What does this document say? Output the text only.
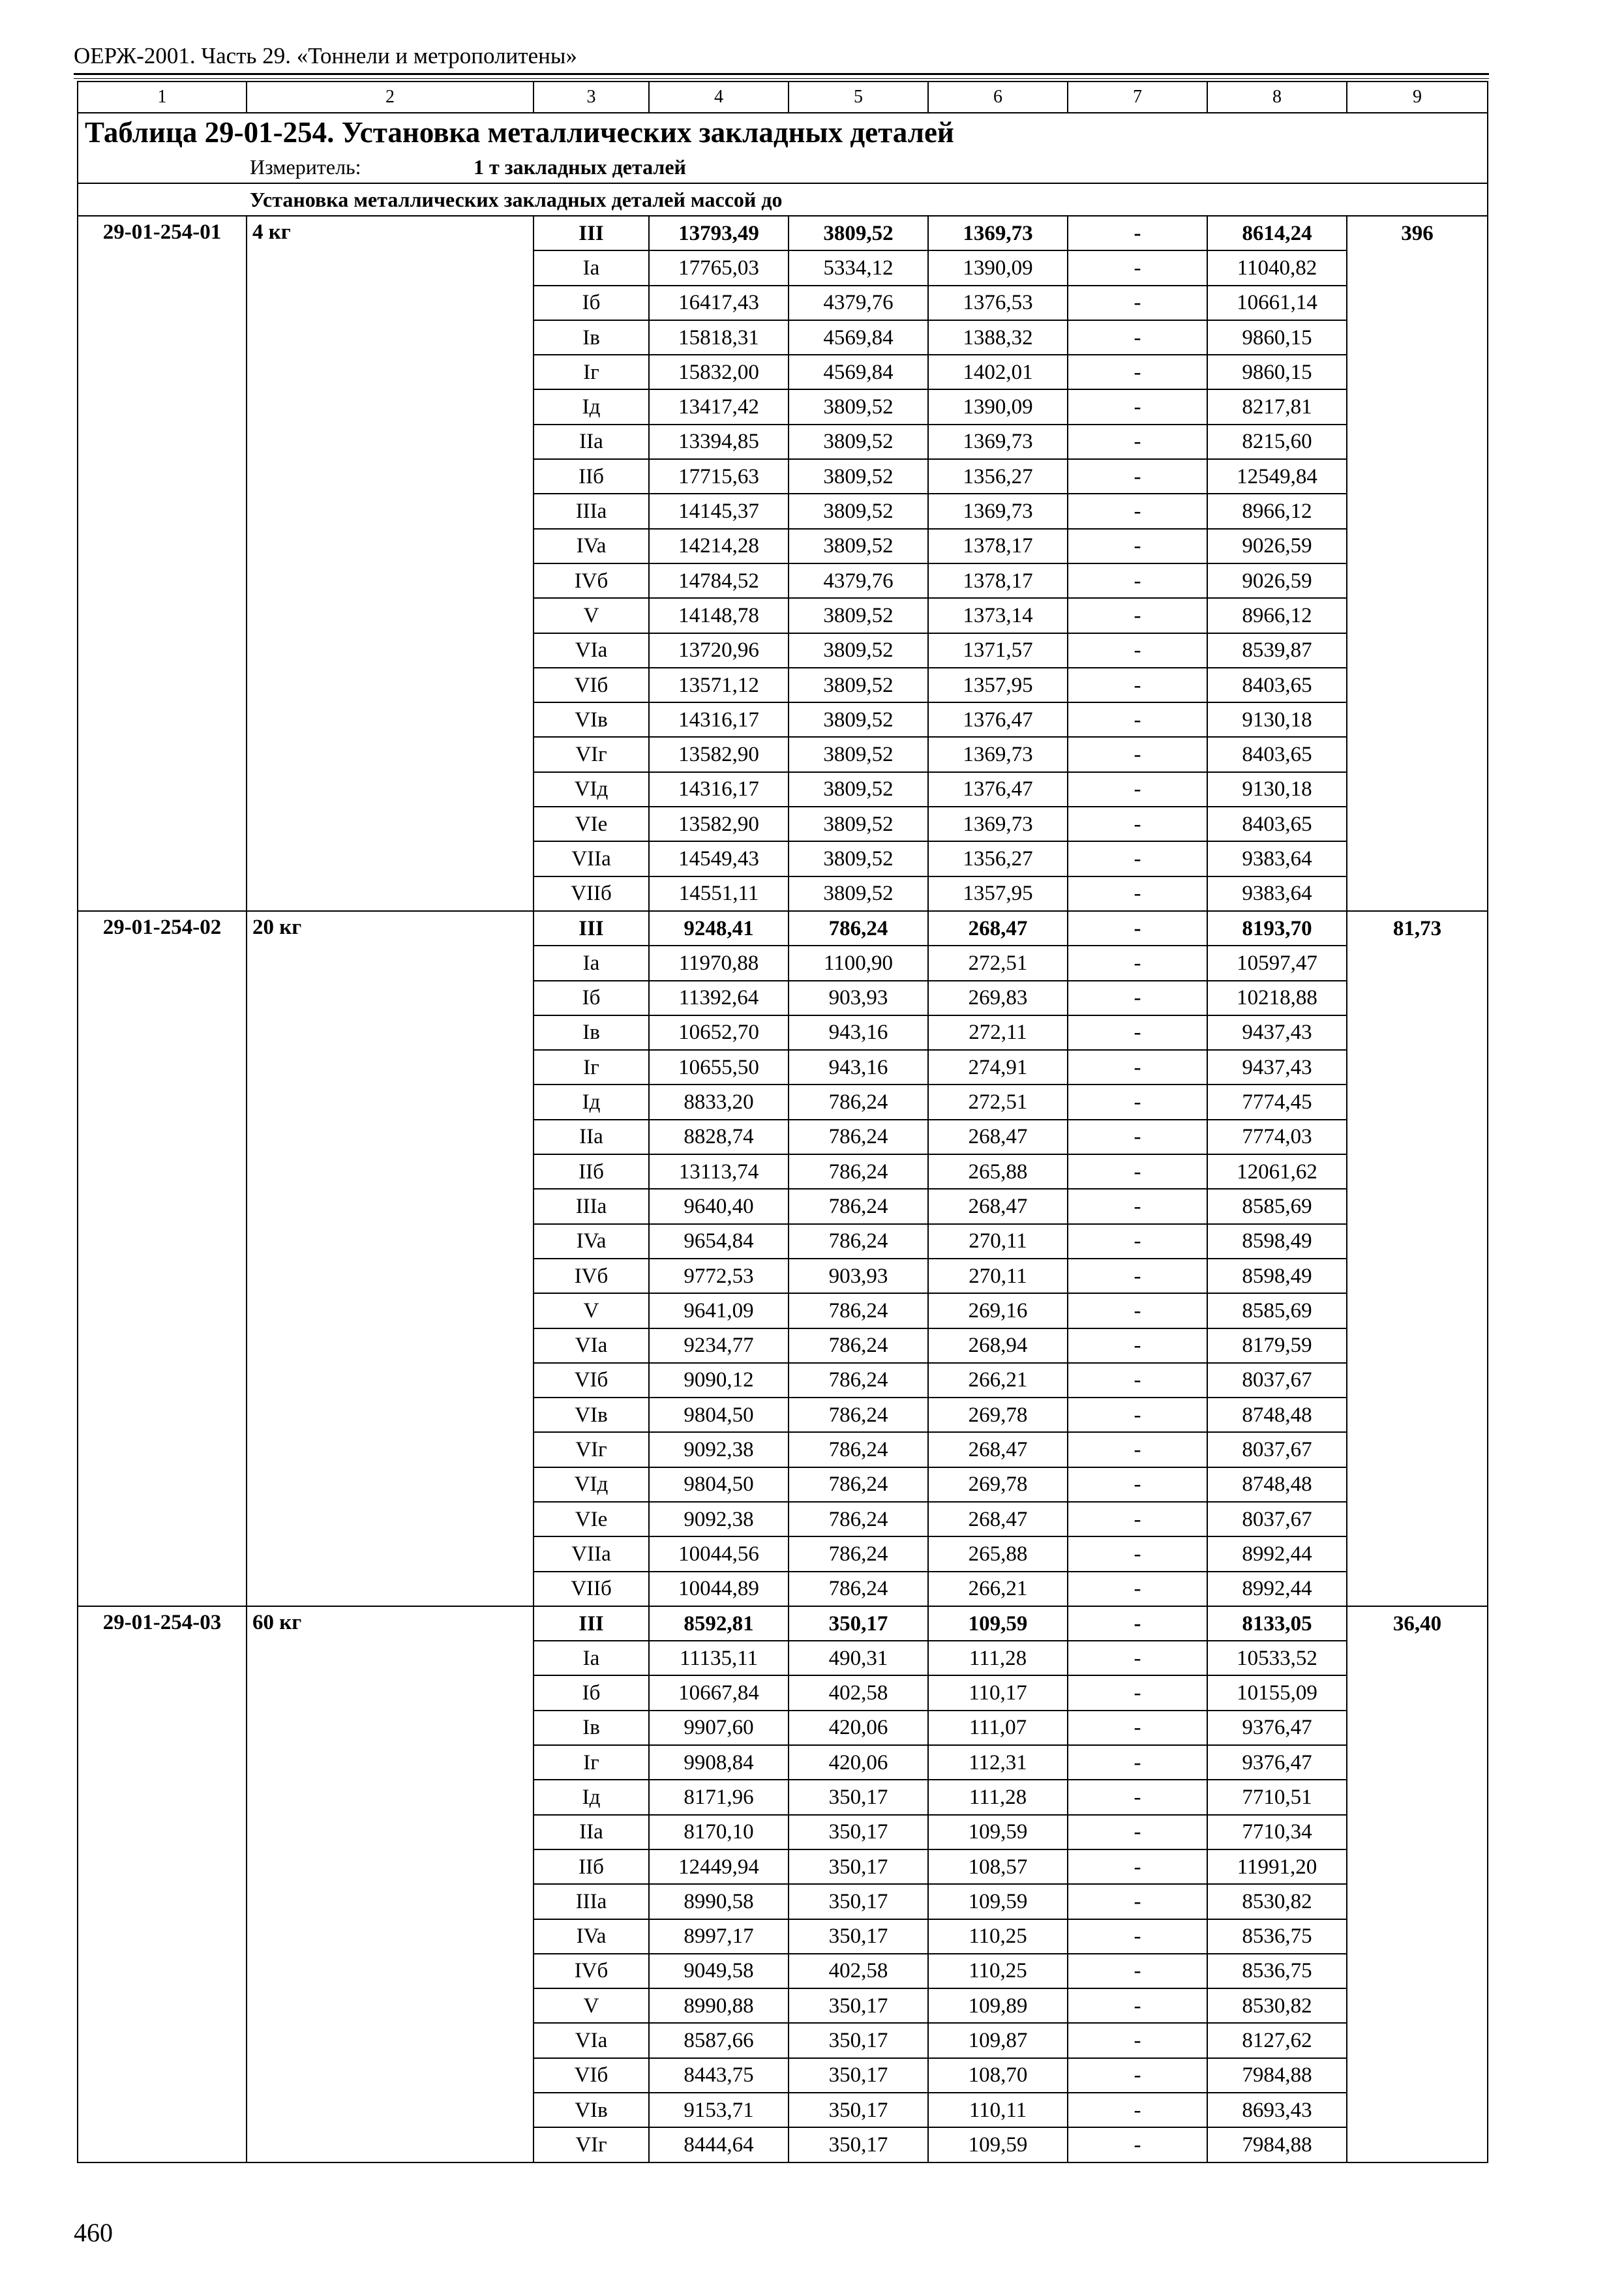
ОЕРЖ-2001. Часть 29. «Тоннели и метрополитены»
1	2	3	4	5	6	7	8	9
Таблица 29-01-254. Установка металлических закладных деталей								
Измеритель: 1 т закладных деталей								
Установка металлических закладных деталей массой до								
29-01-254-01	4 кг	III	13793,49	3809,52	1369,73	-	8614,24	396
		Ia	17765,03	5334,12	1390,09	-	11040,82	
		Iб	16417,43	4379,76	1376,53	-	10661,14	
		Iв	15818,31	4569,84	1388,32	-	9860,15	
		Iг	15832,00	4569,84	1402,01	-	9860,15	
		Iд	13417,42	3809,52	1390,09	-	8217,81	
		IIa	13394,85	3809,52	1369,73	-	8215,60	
		IIб	17715,63	3809,52	1356,27	-	12549,84	
		IIIa	14145,37	3809,52	1369,73	-	8966,12	
		IVa	14214,28	3809,52	1378,17	-	9026,59	
		IVб	14784,52	4379,76	1378,17	-	9026,59	
		V	14148,78	3809,52	1373,14	-	8966,12	
		VIa	13720,96	3809,52	1371,57	-	8539,87	
		VIб	13571,12	3809,52	1357,95	-	8403,65	
		VIв	14316,17	3809,52	1376,47	-	9130,18	
		VIг	13582,90	3809,52	1369,73	-	8403,65	
		VIд	14316,17	3809,52	1376,47	-	9130,18	
		VIe	13582,90	3809,52	1369,73	-	8403,65	
		VIIa	14549,43	3809,52	1356,27	-	9383,64	
		VIIб	14551,11	3809,52	1357,95	-	9383,64	
29-01-254-02	20 кг	III	9248,41	786,24	268,47	-	8193,70	81,73
		Ia	11970,88	1100,90	272,51	-	10597,47	
		Iб	11392,64	903,93	269,83	-	10218,88	
		Iв	10652,70	943,16	272,11	-	9437,43	
		Iг	10655,50	943,16	274,91	-	9437,43	
		Iд	8833,20	786,24	272,51	-	7774,45	
		IIa	8828,74	786,24	268,47	-	7774,03	
		IIб	13113,74	786,24	265,88	-	12061,62	
		IIIa	9640,40	786,24	268,47	-	8585,69	
		IVa	9654,84	786,24	270,11	-	8598,49	
		IVб	9772,53	903,93	270,11	-	8598,49	
		V	9641,09	786,24	269,16	-	8585,69	
		VIa	9234,77	786,24	268,94	-	8179,59	
		VIб	9090,12	786,24	266,21	-	8037,67	
		VIв	9804,50	786,24	269,78	-	8748,48	
		VIг	9092,38	786,24	268,47	-	8037,67	
		VIд	9804,50	786,24	269,78	-	8748,48	
		VIe	9092,38	786,24	268,47	-	8037,67	
		VIIa	10044,56	786,24	265,88	-	8992,44	
		VIIб	10044,89	786,24	266,21	-	8992,44	
29-01-254-03	60 кг	III	8592,81	350,17	109,59	-	8133,05	36,40
		Ia	11135,11	490,31	111,28	-	10533,52	
		Iб	10667,84	402,58	110,17	-	10155,09	
		Iв	9907,60	420,06	111,07	-	9376,47	
		Iг	9908,84	420,06	112,31	-	9376,47	
		Iд	8171,96	350,17	111,28	-	7710,51	
		IIa	8170,10	350,17	109,59	-	7710,34	
		IIб	12449,94	350,17	108,57	-	11991,20	
		IIIa	8990,58	350,17	109,59	-	8530,82	
		IVa	8997,17	350,17	110,25	-	8536,75	
		IVб	9049,58	402,58	110,25	-	8536,75	
		V	8990,88	350,17	109,89	-	8530,82	
		VIa	8587,66	350,17	109,87	-	8127,62	
		VIб	8443,75	350,17	108,70	-	7984,88	
		VIв	9153,71	350,17	110,11	-	8693,43	
		VIг	8444,64	350,17	109,59	-	7984,88	
460
